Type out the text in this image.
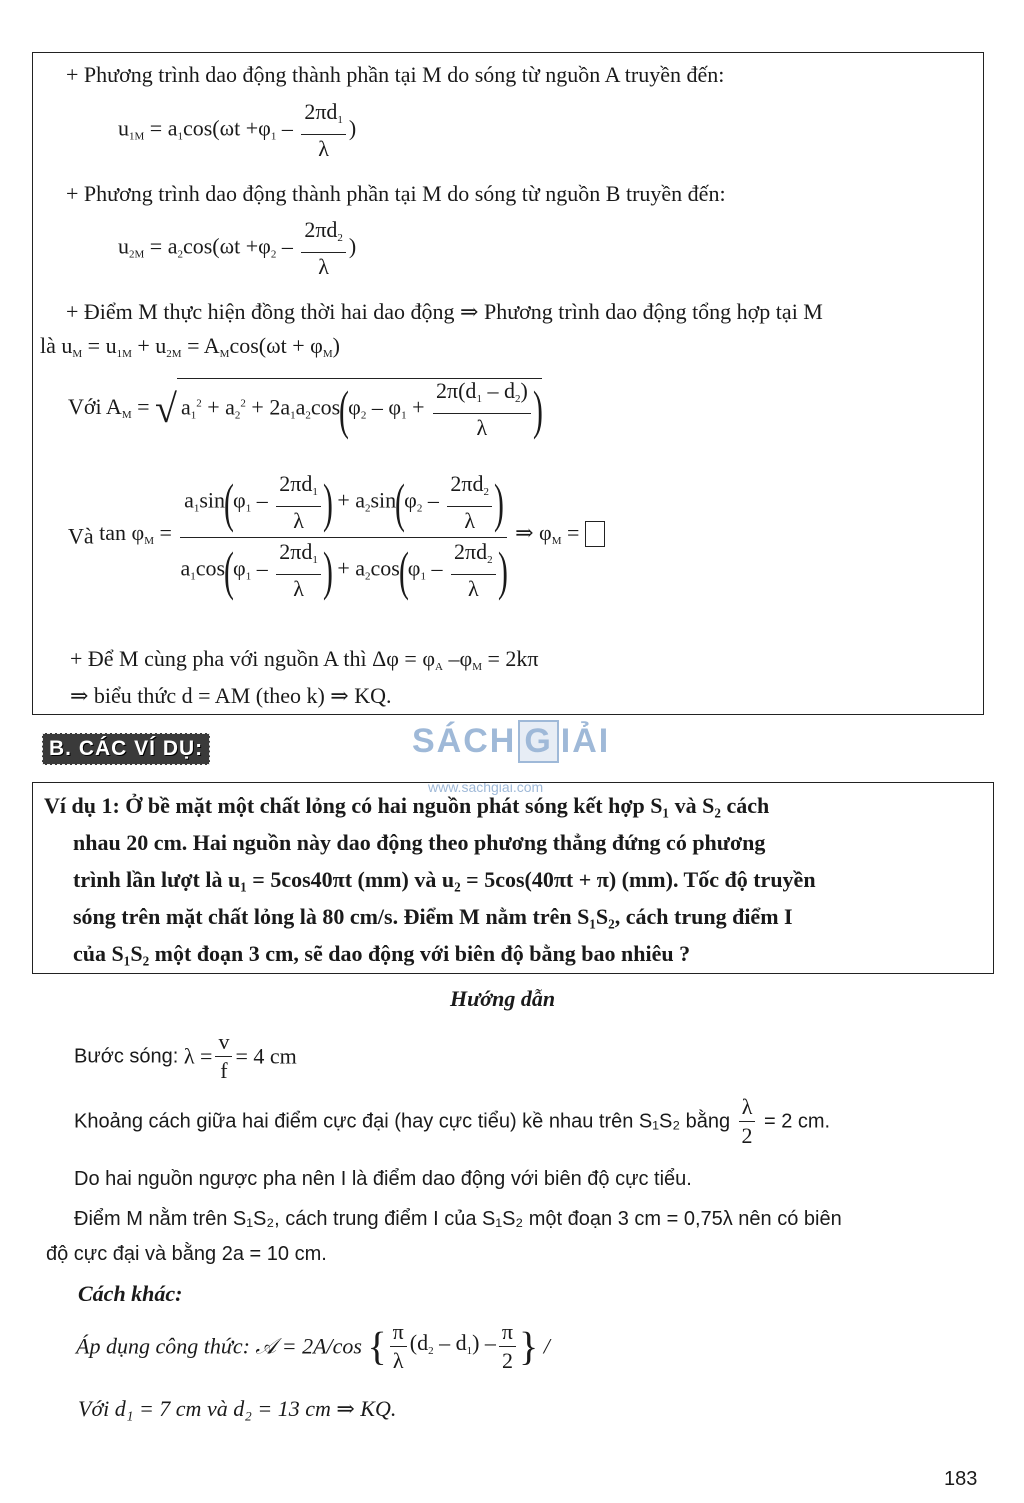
+ Phương trình dao động thành phần tại M do sóng từ nguồn A truyền đến:
$u_{1M} = a_1\cos(\omega t +\varphi_1 - \frac{2\pi d_1}{\lambda}$ )
+ Phương trình dao động thành phần tại M do sóng từ nguồn B truyền đến:
$u_{2M} = a_2\cos(\omega t +\varphi_2 - \frac{2\pi d_2}{\lambda}$ )
+ Điểm M thực hiện đồng thời hai dao động ⇒ Phương trình dao động tổng hợp tại M
là $u_M = u_{1M} + u_{2M} = A_M\cos(\omega t + \varphi_M)$
Với $A_M$ = √ $a_1^2 + a_2^2 + 2a_1a_2\cos(\varphi_2 - \varphi_1 + \frac{2\pi(d_1 - d_2)}{\lambda}$ )
Và $\tan \varphi_M = \frac{a_1\sin(\varphi_1 - \frac{2\pi d_1}{\lambda} ) + a_2\sin(\varphi_2 - \frac{2\pi d_2}{\lambda} )}{a_1\cos(\varphi_1 - \frac{2\pi d_1}{\lambda} ) + a_2\cos(\varphi_1 - \frac{2\pi d_2}{\lambda} )}$ ⇒ $\varphi_M$ =
+ Để M cùng pha với nguồn A thì $\Delta\varphi = \varphi_A$ $-\varphi_M = 2k\pi$
⇒ biểu thức d = AM (theo k) ⇒ KQ.
B. CÁC VÍ DỤ:	SÁCH G IẢI
www.sachgiai.com
Ví dụ 1: Ở bề mặt một chất lỏng có hai nguồn phát sóng kết hợp S₁ và S₂ cách
nhau 20 cm. Hai nguồn này dao động theo phương thẳng đứng có phương
trình lần lượt là u₁ = 5cos40πt (mm) và u₂ = 5cos(40πt + π) (mm). Tốc độ truyền
sóng trên mặt chất lỏng là 80 cm/s. Điểm M nằm trên S₁S₂, cách trung điểm I
của S₁S₂ một đoạn 3 cm, sẽ dao động với biên độ bằng bao nhiêu ?
Hướng dẫn
Bước sóng: $\lambda = \frac{v}{f} = 4$ cm
Khoảng cách giữa hai điểm cực đại (hay cực tiểu) kề nhau trên S₁S₂ bằng $\frac{\lambda}{2} = 2$ cm.
Do hai nguồn ngược pha nên I là điểm dao động với biên độ cực tiểu.
Điểm M nằm trên S₁S₂, cách trung điểm I của S₁S₂ một đoạn 3 cm = 0,75λ nên có biên
độ cực đại và bằng 2a = 10 cm.
Cách khác:
Áp dụng công thức: 𝒜 = 2A/cos { $\frac{\pi}{\lambda} (d_2 - d_1) - \frac{\pi}{2}$ } /
Với d₁ = 7 cm và d₂ = 13 cm ⇒ KQ.
183
